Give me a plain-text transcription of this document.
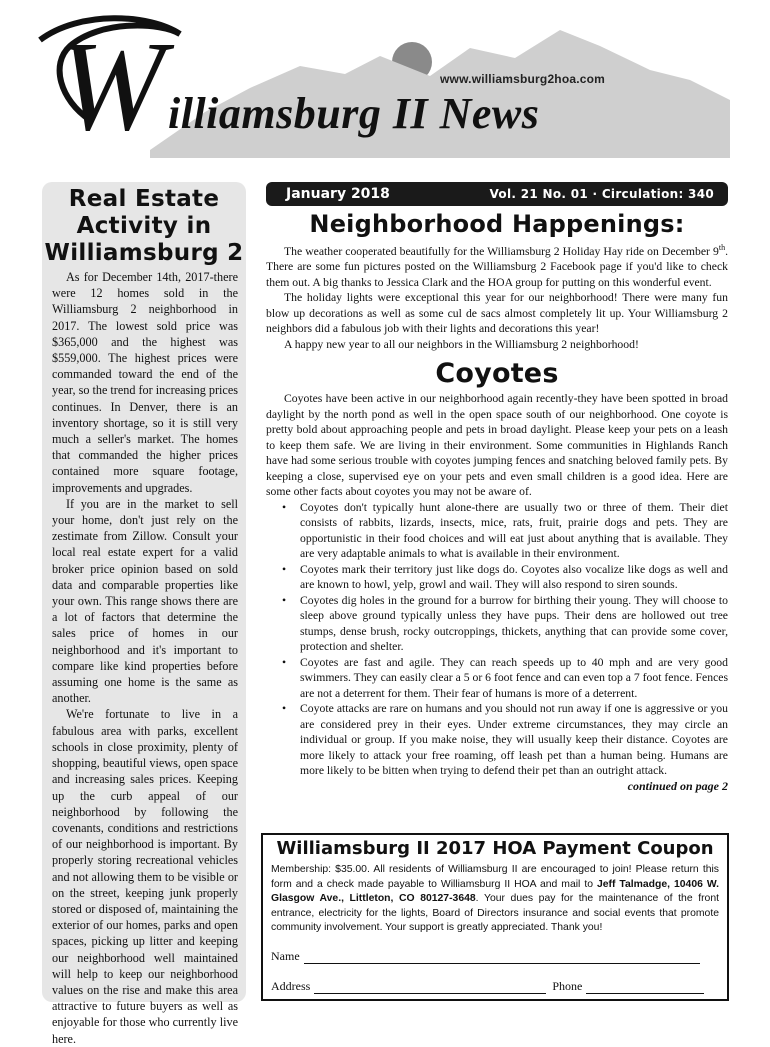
W	www.williamsburg2hoa.com
illiamsburg II News
Real Estate Activity in Williamsburg 2

As for December 14th, 2017-there were 12 homes sold in the Williamsburg 2 neighborhood in 2017. The lowest sold price was $365,000 and the highest was $559,000. The highest prices were commanded toward the end of the year, so the trend for increasing prices continues. In Denver, there is an inventory shortage, so it is still very much a seller's market. The homes that commanded the higher prices contained more square footage, improvements and upgrades.

If you are in the market to sell your home, don't just rely on the zestimate from Zillow. Consult your local real estate expert for a valid broker price opinion based on sold data and comparable properties like your own. This range shows there are a lot of factors that determine the sales price of homes in our neighborhood and it's important to compare like kind properties before assuming one home is the same as another.

We're fortunate to live in a fabulous area with parks, excellent schools in close proximity, plenty of shopping, beautiful views, open space and increasing sales prices. Keeping up the curb appeal of our neighborhood by following the covenants, conditions and restrictions of our neighborhood is important. By properly storing recreational vehicles and not allowing them to be visible or on the street, keeping junk properly stored or disposed of, maintaining the exterior of our homes, parks and open spaces, picking up litter and keeping our neighborhood well maintained will help to keep our neighborhood values on the rise and make this area attractive to future buyers as well as enjoyable for those who currently live here.

January 2018	Vol. 21 No. 01 · Circulation: 340
Neighborhood Happenings:

The weather cooperated beautifully for the Williamsburg 2 Holiday Hay ride on December 9th. There are some fun pictures posted on the Williamsburg 2 Facebook page if you'd like to check them out. A big thanks to Jessica Clark and the HOA group for putting on this wonderful event.

The holiday lights were exceptional this year for our neighborhood! There were many fun blow up decorations as well as some cul de sacs almost completely lit up. Your Williamsburg 2 neighbors did a fabulous job with their lights and decorations this year!

A happy new year to all our neighbors in the Williamsburg 2 neighborhood!

Coyotes

Coyotes have been active in our neighborhood again recently-they have been spotted in broad daylight by the north pond as well in the open space south of our neighborhood. One coyote is pretty bold about approaching people and pets in broad daylight. Please keep your pets on a leash to keep them safe. We are living in their environment. Some communities in Highlands Ranch have had some serious trouble with coyotes jumping fences and snatching beloved family pets. By keeping a close, supervised eye on your pets and even small children is a good idea. Here are some other facts about coyotes you may not be aware of.

• Coyotes don't typically hunt alone-there are usually two or three of them. Their diet consists of rabbits, lizards, insects, mice, rats, fruit, prairie dogs and pets. They are opportunistic in their food choices and will eat just about anything that is available. They are very adaptable animals to what is available in their environment.
• Coyotes mark their territory just like dogs do. Coyotes also vocalize like dogs as well and are known to howl, yelp, growl and wail. They will also respond to siren sounds.
• Coyotes dig holes in the ground for a burrow for birthing their young. They will choose to sleep above ground typically unless they have pups. Their dens are hollowed out tree stumps, dense brush, rocky outcroppings, thickets, anything that can provide some cover, protection and shelter.
• Coyotes are fast and agile. They can reach speeds up to 40 mph and are very good swimmers. They can easily clear a 5 or 6 foot fence and can even top a 7 foot fence. Fences are not a deterrent for them. Their fear of humans is more of a deterrent.
• Coyote attacks are rare on humans and you should not run away if one is aggressive or you are considered prey in their eyes. Under extreme circumstances, they may circle an individual or group. If you make noise, they will usually keep their distance. Coyotes are more likely to attack your free roaming, off leash pet than a human being. Humans are more likely to be bitten when trying to defend their pet than an outright attack.
continued on page 2
Williamsburg II 2017 HOA Payment Coupon
Membership: $35.00. All residents of Williamsburg II are encouraged to join! Please return this form and a check made payable to Williamsburg II HOA and mail to Jeff Talmadge, 10406 W. Glasgow Ave., Littleton, CO 80127-3648. Your dues pay for the maintenance of the front entrance, electricity for the lights, Board of Directors insurance and social events that promote community involvement. Your support is greatly appreciated. Thank you!
Name
Address	Phone
